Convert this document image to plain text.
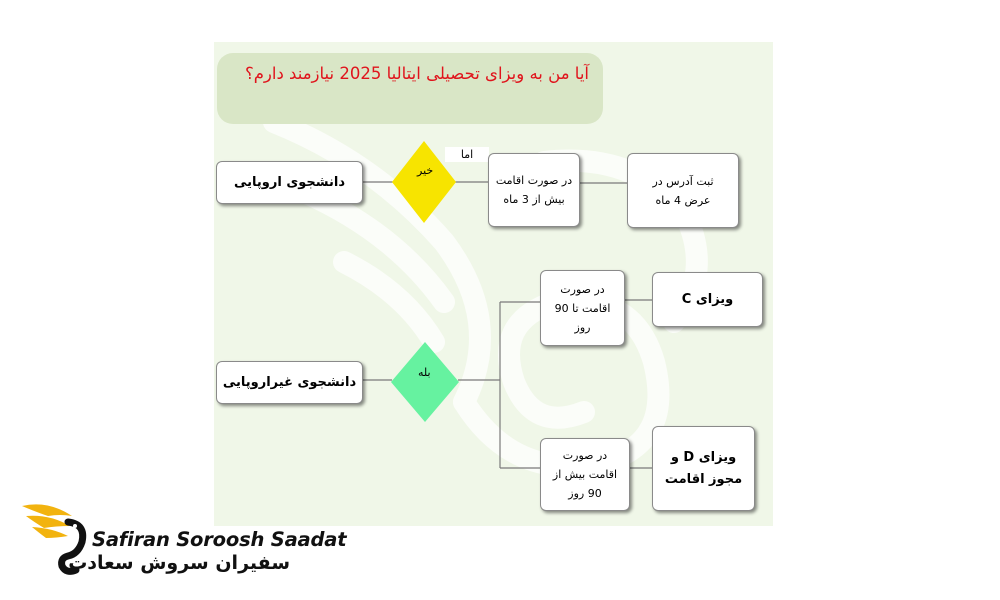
آیا من به ویزای تحصیلی ایتالیا 2025 نیازمند دارم؟
دانشجوی اروپایی
خیر
اما
در صورت اقامت بیش از 3 ماه
ثبت آدرس در عرض 4 ماه
دانشجوی غیراروپایی
بله
در صورت اقامت تا 90 روز
ویزای C
در صورت اقامت بیش از 90 روز
ویزای D و مجوز اقامت
Safiran Soroosh Saadat
سفیران سروش سعادت
